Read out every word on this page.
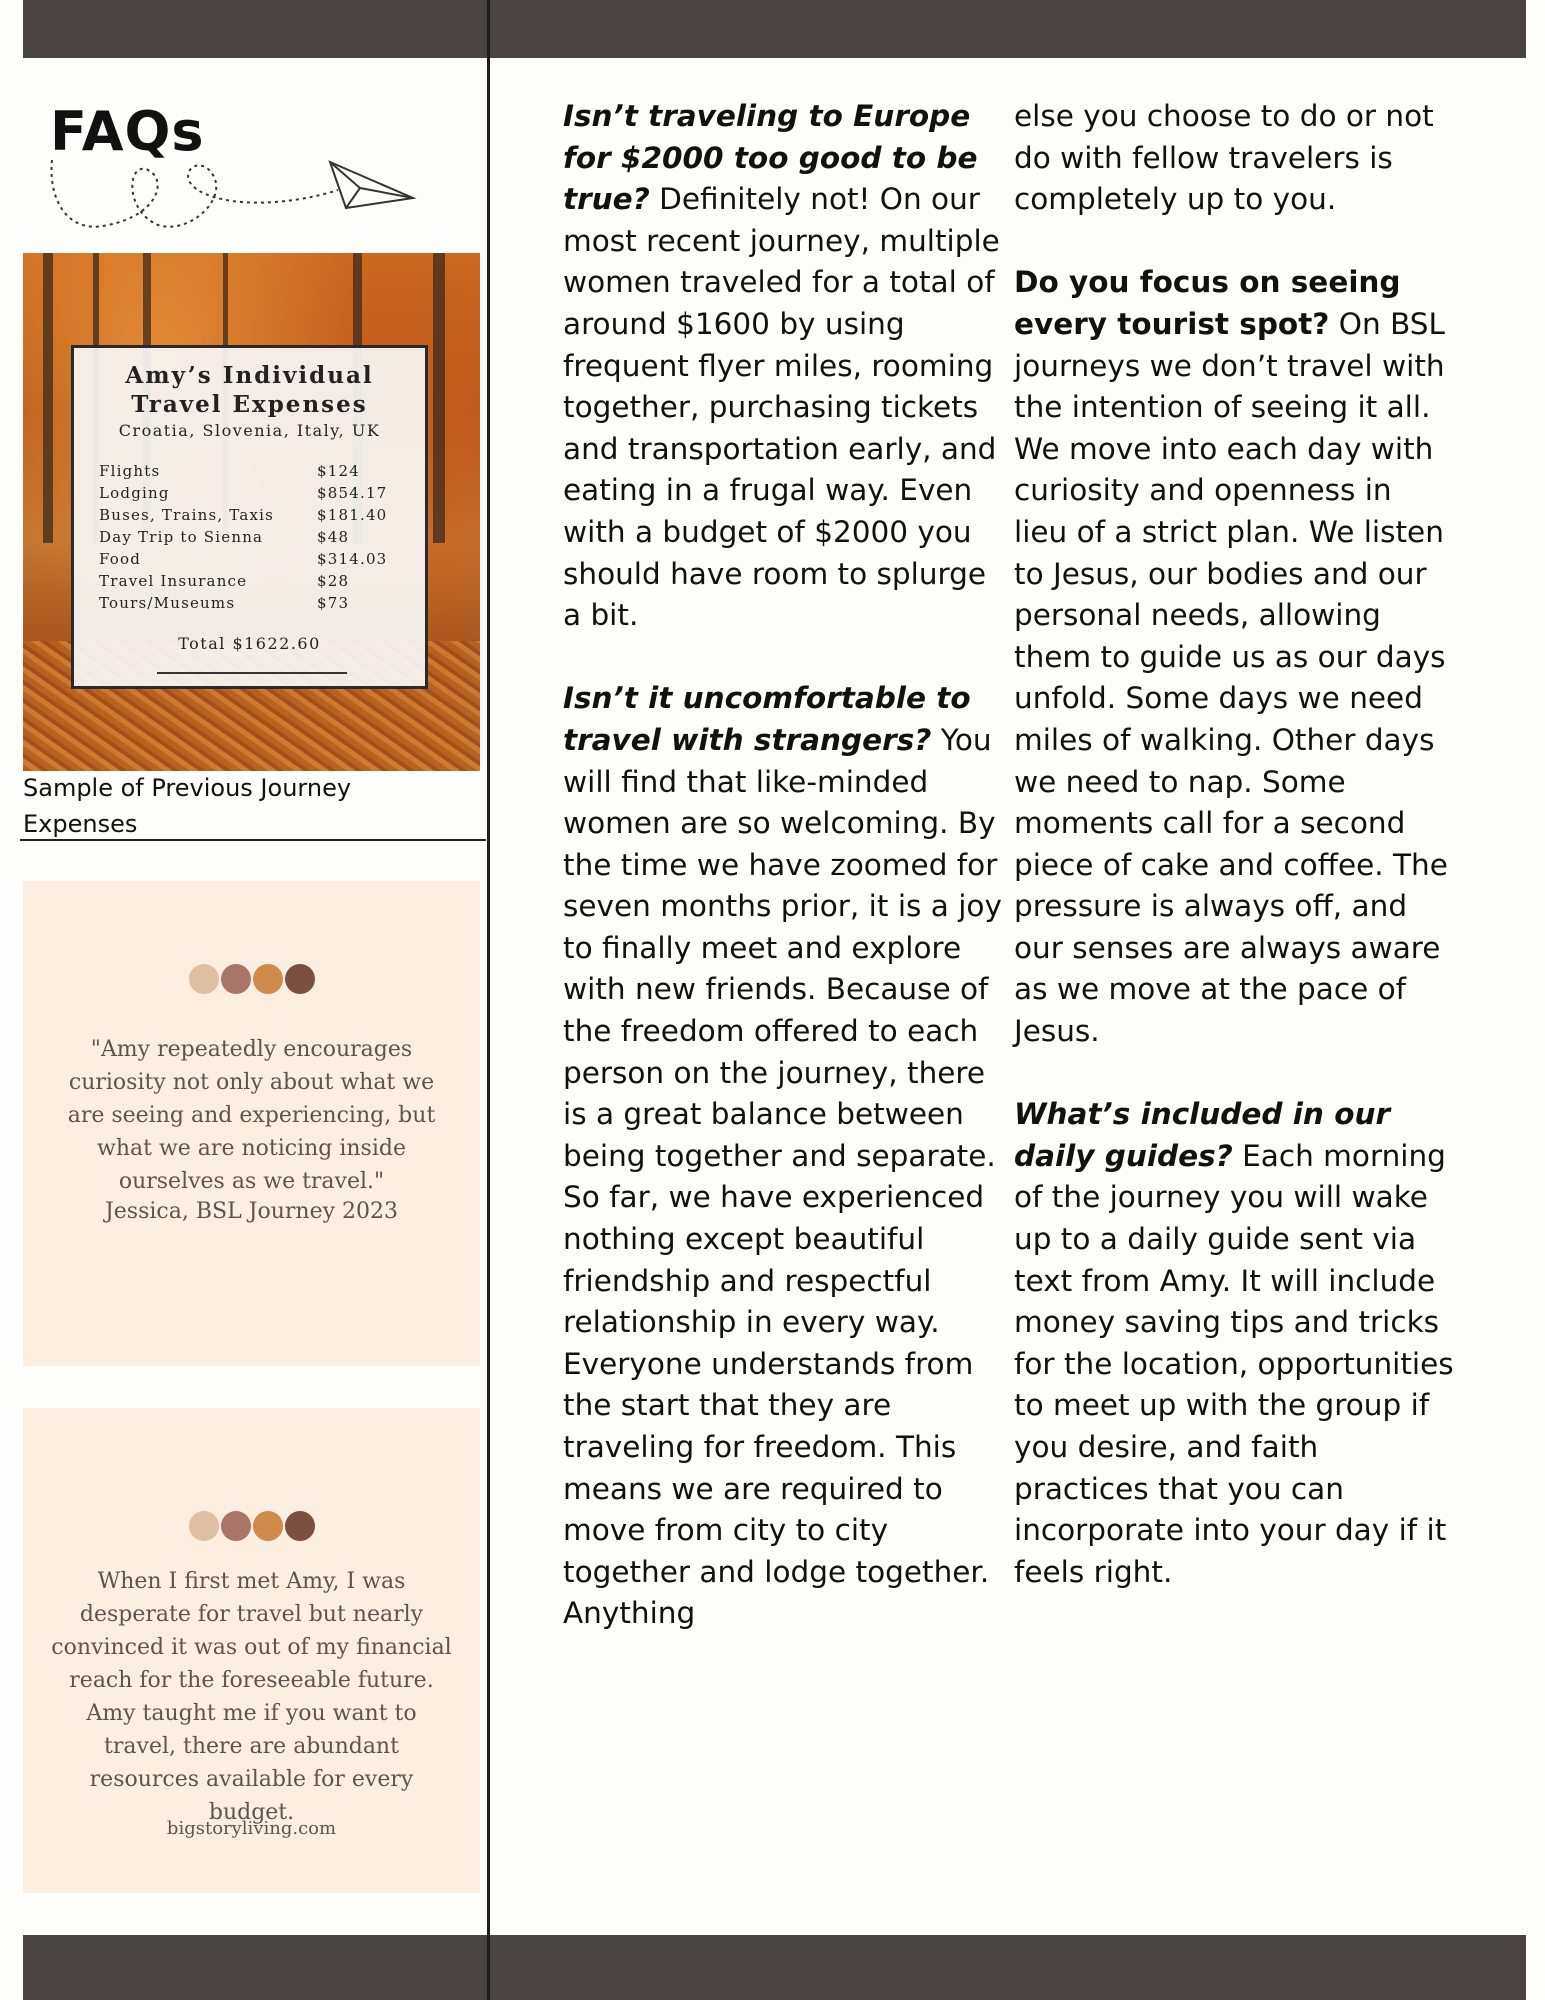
FAQs
Amy’s Individual
Travel Expenses
Croatia, Slovenia, Italy, UK
Flights	$124
Lodging	$854.17
Buses, Trains, Taxis	$181.40
Day Trip to Sienna	$48
Food	$314.03
Travel Insurance	$28
Tours/Museums	$73
Total $1622.60
Sample of Previous Journey Expenses
"Amy repeatedly encourages curiosity not only about what we are seeing and experiencing, but what we are noticing inside ourselves as we travel."
Jessica, BSL Journey 2023
When I first met Amy, I was desperate for travel but nearly convinced it was out of my financial reach for the foreseeable future. Amy taught me if you want to travel, there are abundant resources available for every budget.
bigstoryliving.com

Isn’t traveling to Europe for $2000 too good to be true? Definitely not! On our most recent journey, multiple women traveled for a total of around $1600 by using frequent flyer miles, rooming together, purchasing tickets and transportation early, and eating in a frugal way. Even with a budget of $2000 you should have room to splurge a bit.

Isn’t it uncomfortable to travel with strangers? You will find that like-minded women are so welcoming. By the time we have zoomed for seven months prior, it is a joy to finally meet and explore with new friends. Because of the freedom offered to each person on the journey, there is a great balance between being together and separate. So far, we have experienced nothing except beautiful friendship and respectful relationship in every way. Everyone understands from the start that they are traveling for freedom. This means we are required to move from city to city together and lodge together. Anything

else you choose to do or not do with fellow travelers is completely up to you.

Do you focus on seeing every tourist spot? On BSL journeys we don’t travel with the intention of seeing it all. We move into each day with curiosity and openness in lieu of a strict plan. We listen to Jesus, our bodies and our personal needs, allowing them to guide us as our days unfold. Some days we need miles of walking. Other days we need to nap. Some moments call for a second piece of cake and coffee. The pressure is always off, and our senses are always aware as we move at the pace of Jesus.

What’s included in our daily guides? Each morning of the journey you will wake up to a daily guide sent via text from Amy. It will include money saving tips and tricks for the location, opportunities to meet up with the group if you desire, and faith practices that you can incorporate into your day if it feels right.
